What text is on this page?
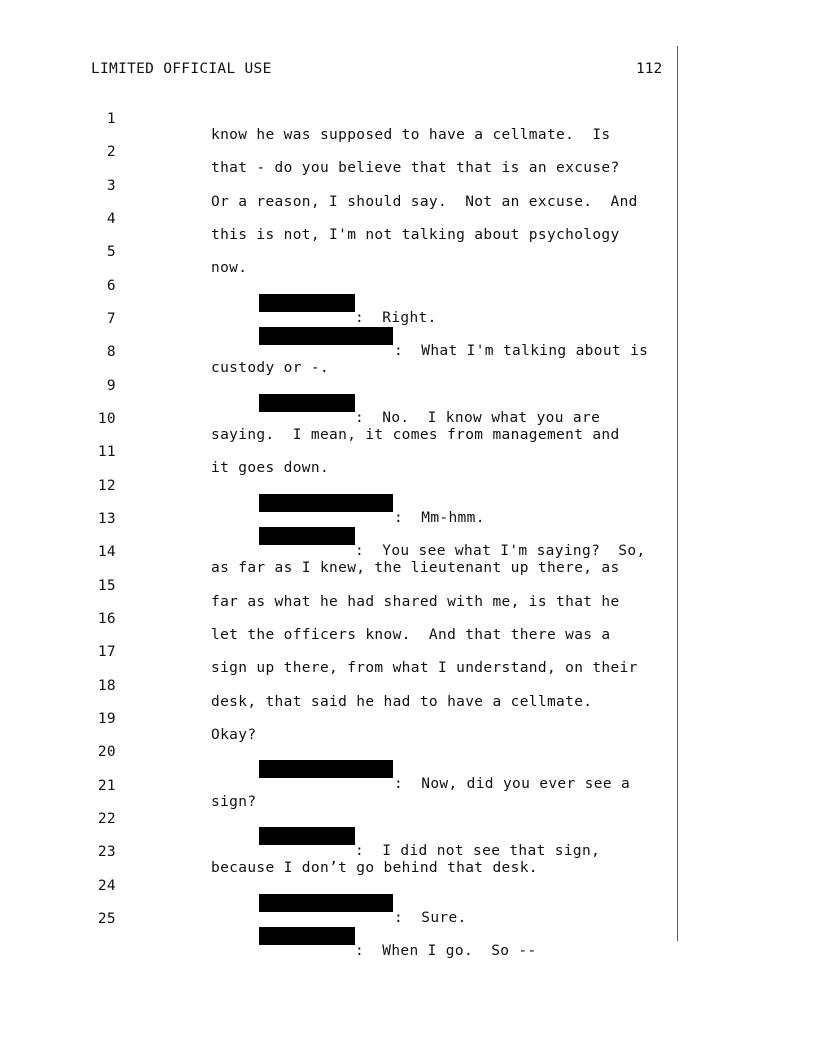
LIMITED OFFICIAL USE	112

1

know he was supposed to have a cellmate.  Is

2

that - do you believe that that is an excuse?

3

Or a reason, I should say.  Not an excuse.  And

4

this is not, I'm not talking about psychology

5

now.

6

:  Right.

7

:  What I'm talking about is

8

custody or -.

9

:  No.  I know what you are

10

saying.  I mean, it comes from management and

11

it goes down.

12

:  Mm-hmm.

13

:  You see what I'm saying?  So,

14

as far as I knew, the lieutenant up there, as

15

far as what he had shared with me, is that he

16

let the officers know.  And that there was a

17

sign up there, from what I understand, on their

18

desk, that said he had to have a cellmate.

19

Okay?

20

:  Now, did you ever see a

21

sign?

22

:  I did not see that sign,

23

because I don’t go behind that desk.

24

:  Sure.

25

:  When I go.  So --
